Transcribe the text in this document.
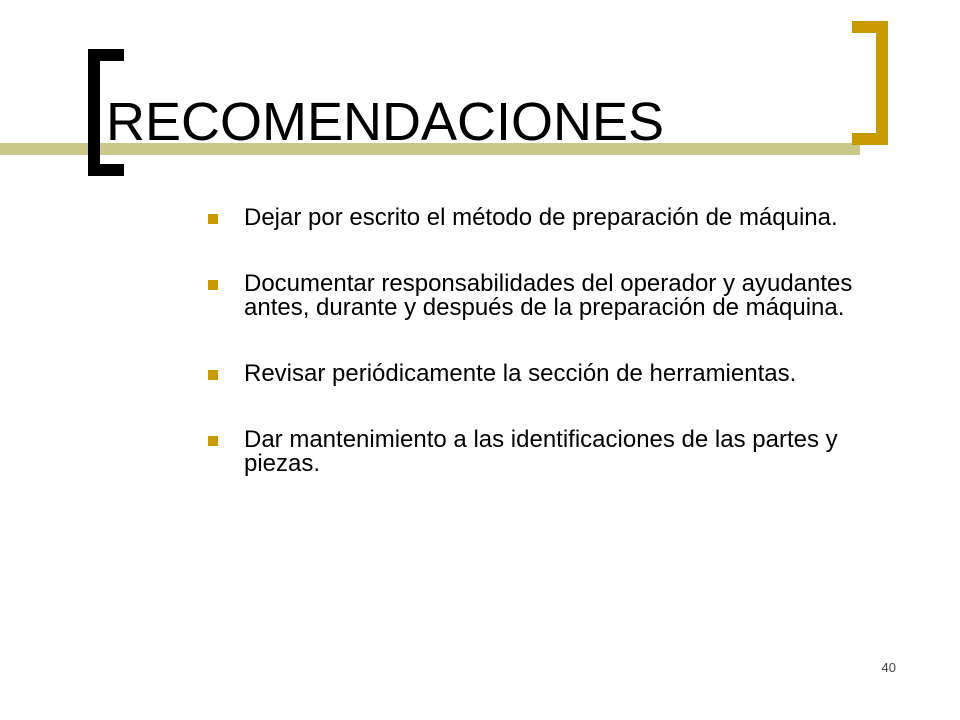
RECOMENDACIONES
Dejar por escrito el método de preparación de máquina.
Documentar responsabilidades del operador y ayudantes antes, durante y después de la preparación de máquina.
Revisar periódicamente la sección de herramientas.
Dar mantenimiento a las identificaciones de las partes y piezas.
40
